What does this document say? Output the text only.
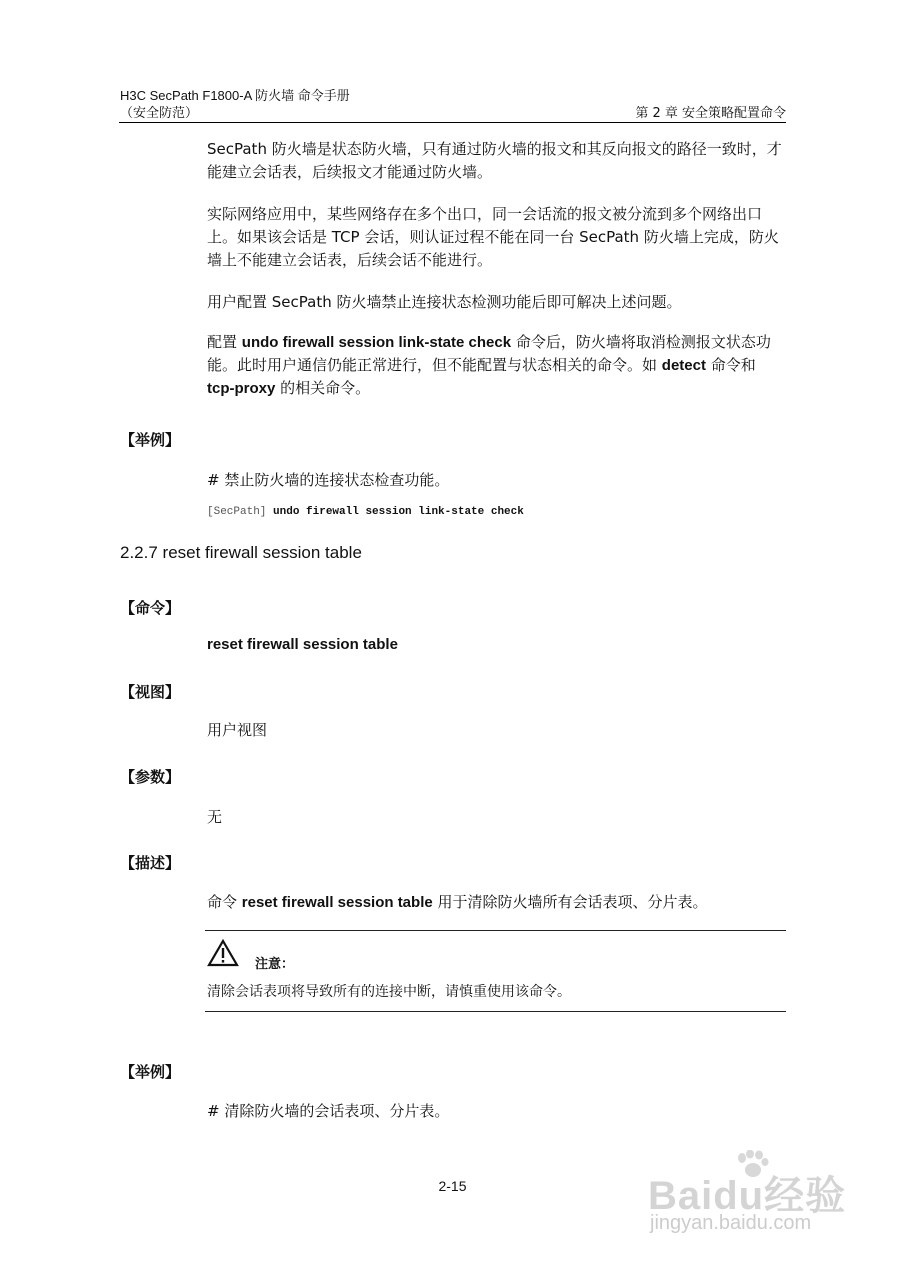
H3C SecPath F1800-A 防火墙 命令手册
（安全防范）	第 2 章 安全策略配置命令
SecPath 防火墙是状态防火墙，只有通过防火墙的报文和其反向报文的路径一致时，才能建立会话表，后续报文才能通过防火墙。
实际网络应用中，某些网络存在多个出口，同一会话流的报文被分流到多个网络出口上。如果该会话是 TCP 会话，则认证过程不能在同一台 SecPath 防火墙上完成，防火墙上不能建立会话表，后续会话不能进行。
用户配置 SecPath 防火墙禁止连接状态检测功能后即可解决上述问题。
配置 undo firewall session link-state check 命令后，防火墙将取消检测报文状态功能。此时用户通信仍能正常进行，但不能配置与状态相关的命令。如 detect 命令和 tcp-proxy 的相关命令。
【举例】
# 禁止防火墙的连接状态检查功能。
[SecPath] undo firewall session link-state check
2.2.7 reset firewall session table
【命令】
reset firewall session table
【视图】
用户视图
【参数】
无
【描述】
命令 reset firewall session table 用于清除防火墙所有会话表项、分片表。
注意：
清除会话表项将导致所有的连接中断，请慎重使用该命令。
【举例】
# 清除防火墙的会话表项、分片表。
2-15	Baidu经验
jingyan.baidu.com
